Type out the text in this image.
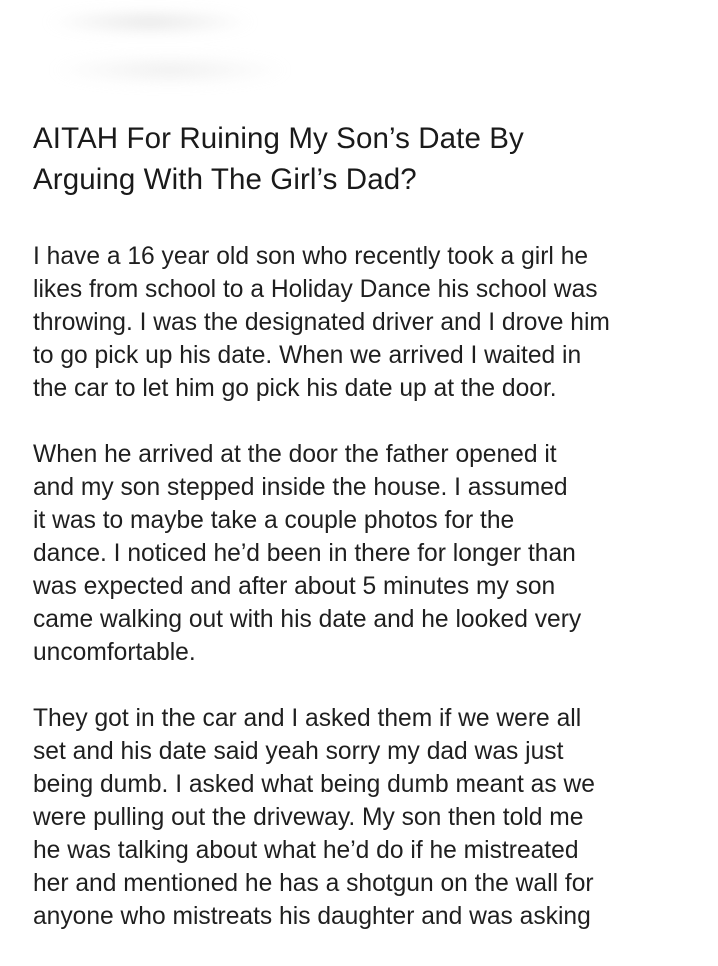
AITAH For Ruining My Son’s Date By
Arguing With The Girl’s Dad?

I have a 16 year old son who recently took a girl he
likes from school to a Holiday Dance his school was
throwing. I was the designated driver and I drove him
to go pick up his date. When we arrived I waited in
the car to let him go pick his date up at the door.

When he arrived at the door the father opened it
and my son stepped inside the house. I assumed
it was to maybe take a couple photos for the
dance. I noticed he’d been in there for longer than
was expected and after about 5 minutes my son
came walking out with his date and he looked very
uncomfortable.

They got in the car and I asked them if we were all
set and his date said yeah sorry my dad was just
being dumb. I asked what being dumb meant as we
were pulling out the driveway. My son then told me
he was talking about what he’d do if he mistreated
her and mentioned he has a shotgun on the wall for
anyone who mistreats his daughter and was asking
